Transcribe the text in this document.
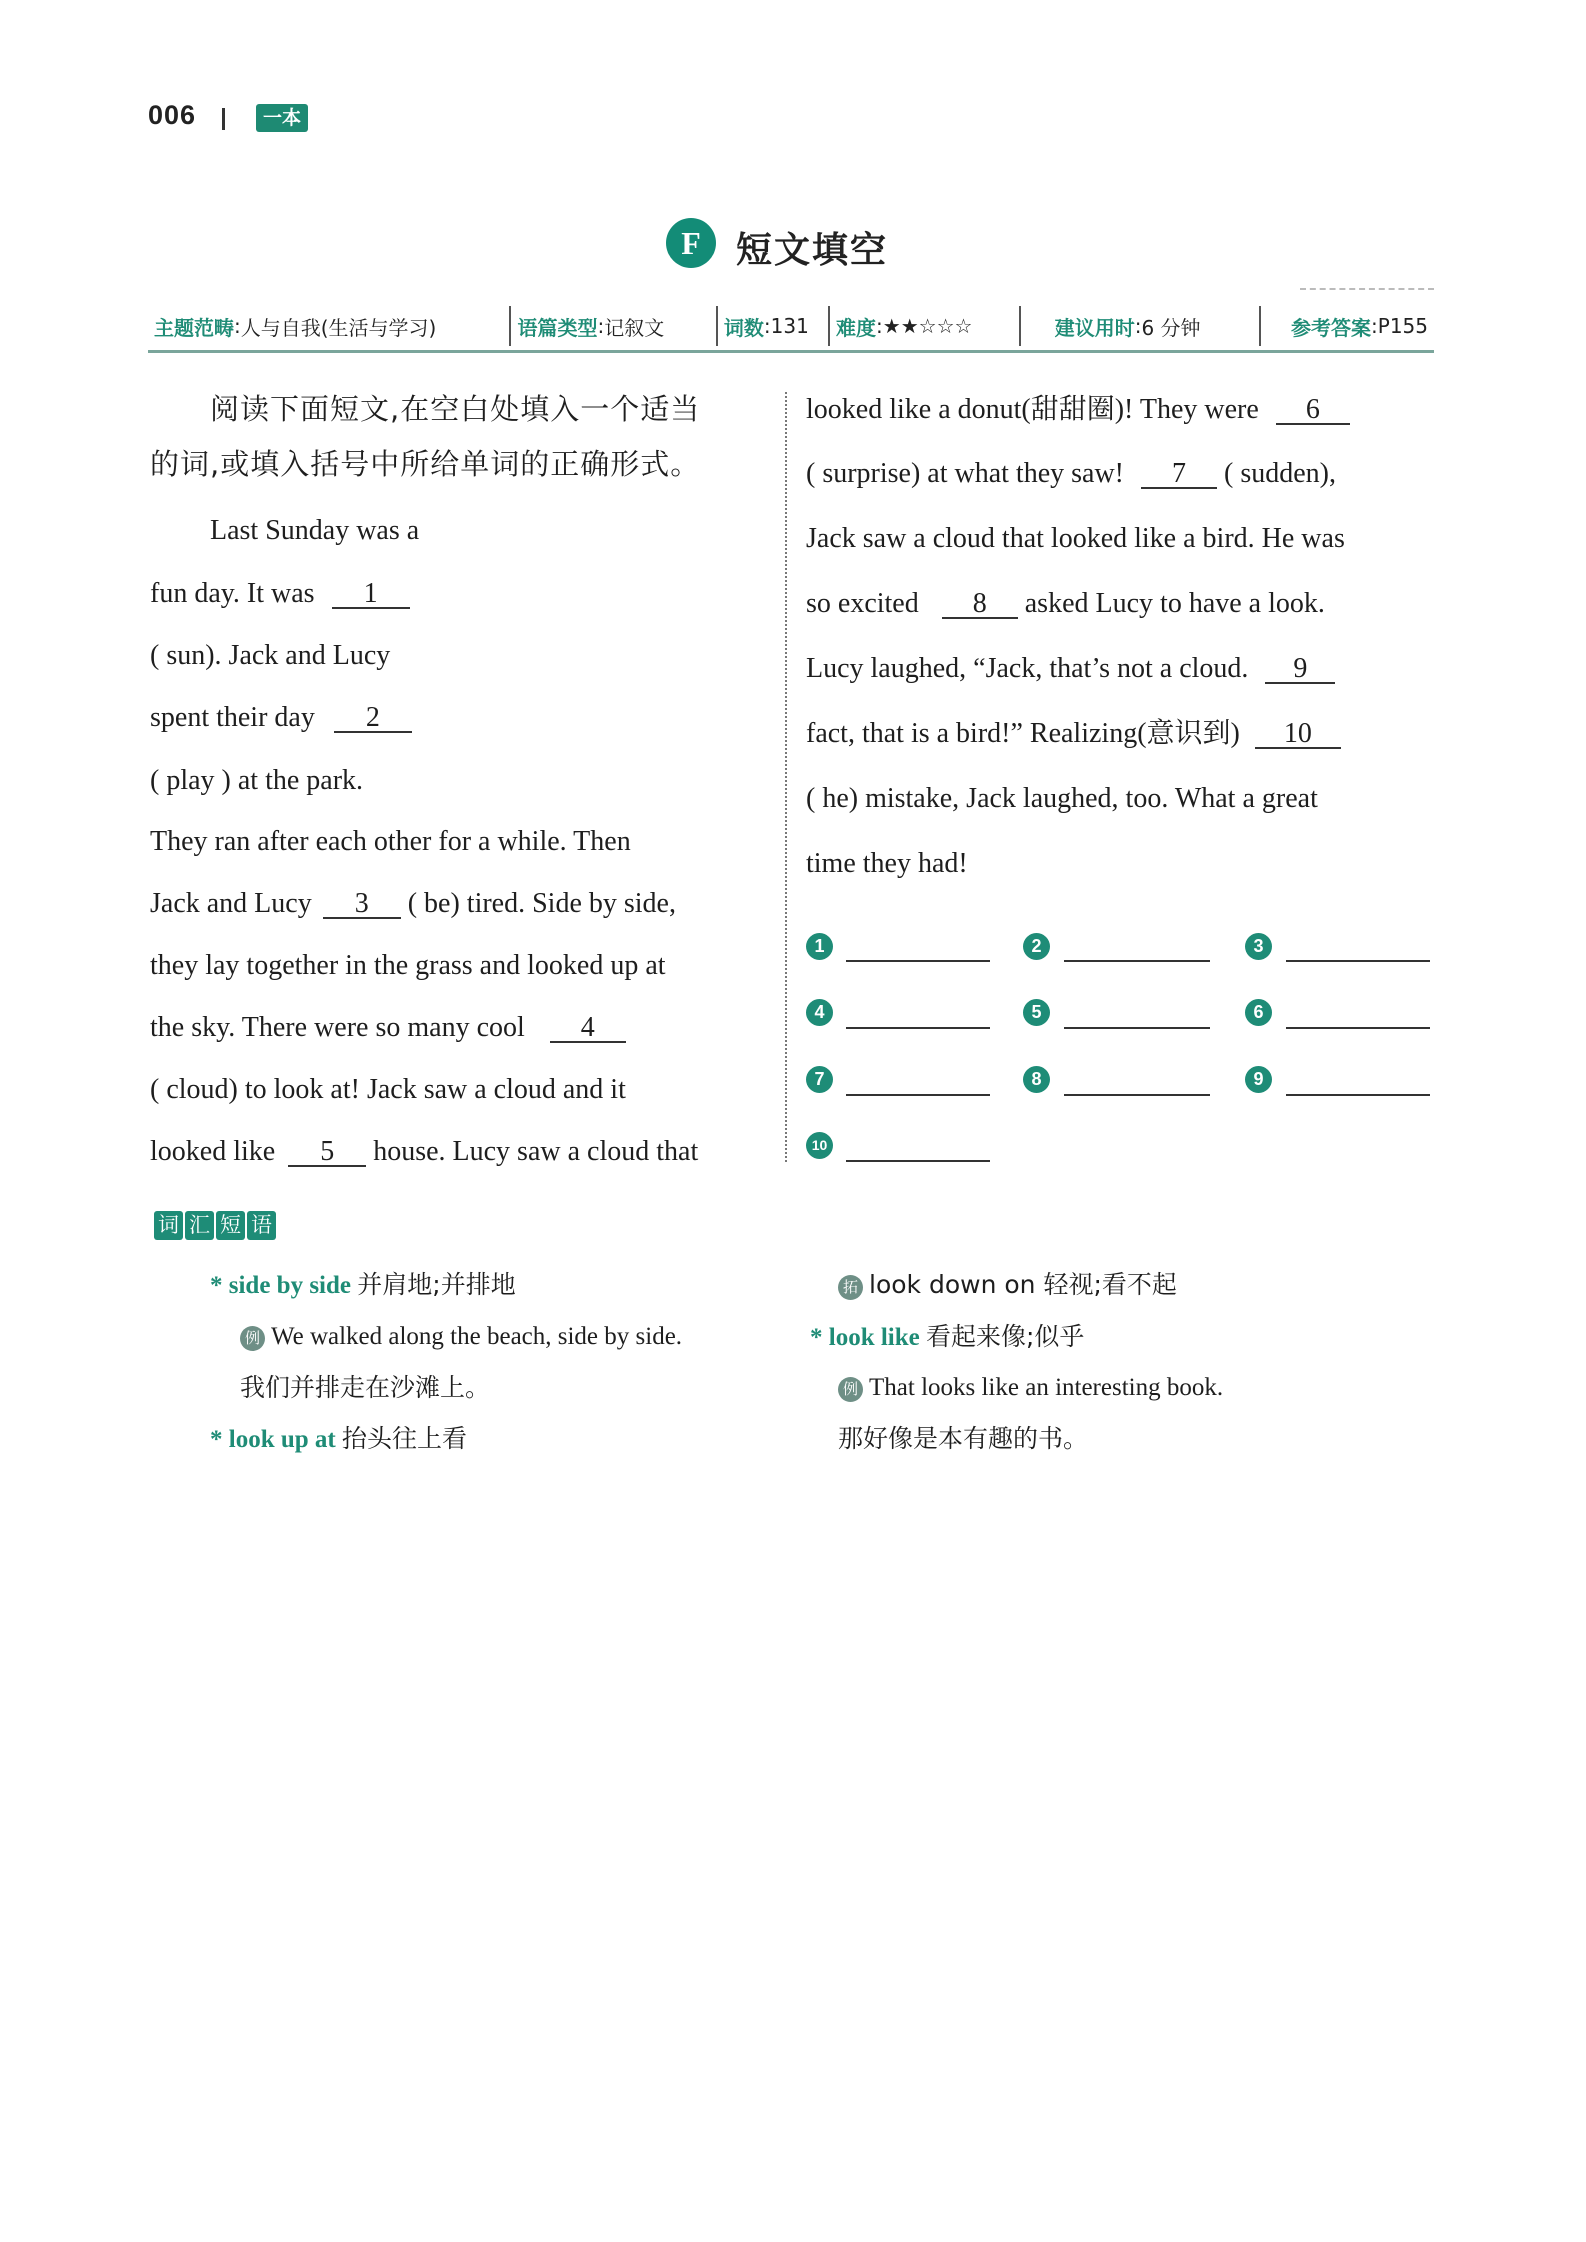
006	一本
F 短文填空
主题范畴 : 人与自我(生活与学习)	语篇类型 : 记叙文	词数 : 131 难度 : ★★☆☆☆	建议用时 : 6 分钟	参考答案 : P155
阅读下面短文,在空白处填入一个适当
的词,或填入括号中所给单词的正确形式。
Last Sunday was a
fun day. It was 1
( sun). Jack and Lucy
spent their day 2
( play ) at the park.
They ran after each other for a while. Then
Jack and Lucy 3 ( be) tired. Side by side,
they lay together in the grass and looked up at
the sky. There were so many cool 4
( cloud) to look at! Jack saw a cloud and it
looked like 5 house. Lucy saw a cloud that
looked like a donut(甜甜圈)! They were 6
( surprise) at what they saw! 7 ( sudden),
Jack saw a cloud that looked like a bird. He was
so excited 8 asked Lucy to have a look.
Lucy laughed, “Jack, that’s not a cloud. 9
fact, that is a bird!” Realizing(意识到) 10
( he) mistake, Jack laughed, too. What a great
time they had!
1	2	3
4	5	6
7	8	9
10
词 汇 短 语
* side by side 并肩地;并排地
例 We walked along the beach, side by side.
我们并排走在沙滩上。
* look up at 抬头往上看
拓 look down on 轻视;看不起
* look like 看起来像;似乎
例 That looks like an interesting book.
那好像是本有趣的书。
